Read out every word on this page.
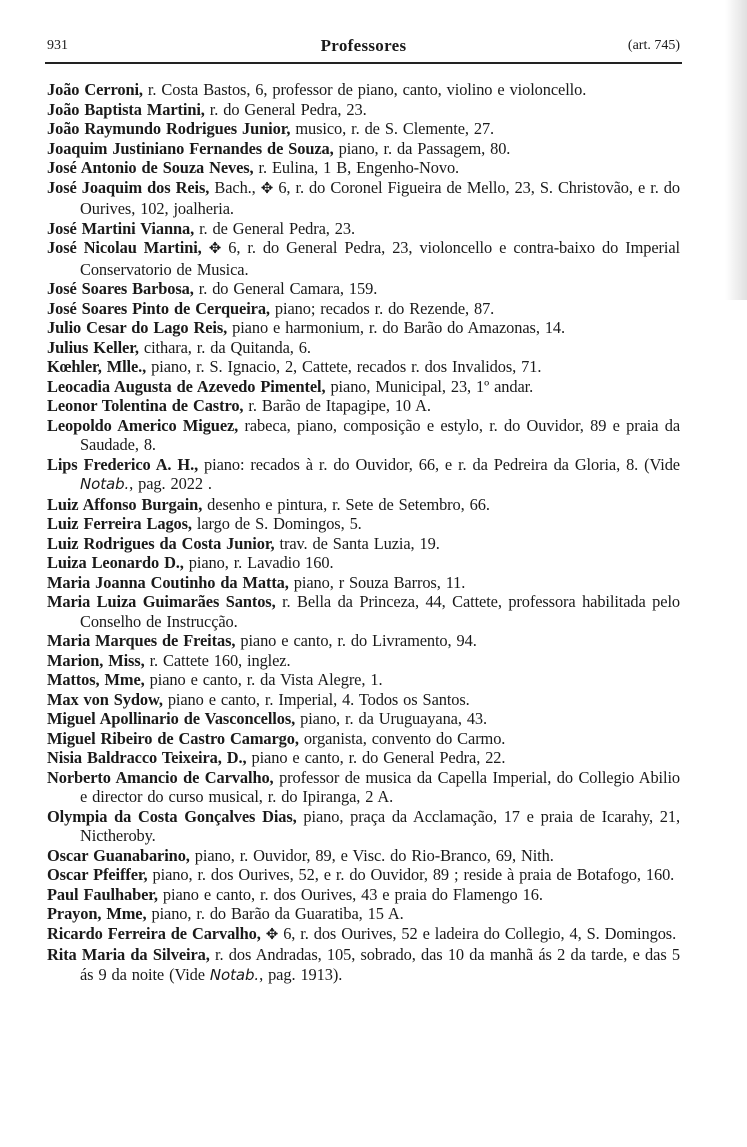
931	Professores	(art. 745)
João Cerroni, r. Costa Bastos, 6, professor de piano, canto, violino e violoncello.
João Baptista Martini, r. do General Pedra, 23.
João Raymundo Rodrigues Junior, musico, r. de S. Clemente, 27.
Joaquim Justiniano Fernandes de Souza, piano, r. da Passagem, 80.
José Antonio de Souza Neves, r. Eulina, 1 B, Engenho-Novo.
José Joaquim dos Reis, Bach., ✥ 6, r. do Coronel Figueira de Mello, 23, S. Christovão, e r. do Ourives, 102, joalheria.
José Martini Vianna, r. de General Pedra, 23.
José Nicolau Martini, ✥ 6, r. do General Pedra, 23, violoncello e contra-baixo do Imperial Conservatorio de Musica.
José Soares Barbosa, r. do General Camara, 159.
José Soares Pinto de Cerqueira, piano; recados r. do Rezende, 87.
Julio Cesar do Lago Reis, piano e harmonium, r. do Barão do Amazonas, 14.
Julius Keller, cithara, r. da Quitanda, 6.
Kœhler, Mlle., piano, r. S. Ignacio, 2, Cattete, recados r. dos Invalidos, 71.
Leocadia Augusta de Azevedo Pimentel, piano, Municipal, 23, 1º andar.
Leonor Tolentina de Castro, r. Barão de Itapagipe, 10 A.
Leopoldo Americo Miguez, rabeca, piano, composição e estylo, r. do Ouvidor, 89 e praia da Saudade, 8.
Lips Frederico A. H., piano: recados à r. do Ouvidor, 66, e r. da Pedreira da Gloria, 8. (Vide Notab., pag. 2022 .
Luiz Affonso Burgain, desenho e pintura, r. Sete de Setembro, 66.
Luiz Ferreira Lagos, largo de S. Domingos, 5.
Luiz Rodrigues da Costa Junior, trav. de Santa Luzia, 19.
Luiza Leonardo D., piano, r. Lavadio 160.
Maria Joanna Coutinho da Matta, piano, r Souza Barros, 11.
Maria Luiza Guimarães Santos, r. Bella da Princeza, 44, Cattete, professora habilitada pelo Conselho de Instrucção.
Maria Marques de Freitas, piano e canto, r. do Livramento, 94.
Marion, Miss, r. Cattete 160, inglez.
Mattos, Mme, piano e canto, r. da Vista Alegre, 1.
Max von Sydow, piano e canto, r. Imperial, 4. Todos os Santos.
Miguel Apollinario de Vasconcellos, piano, r. da Uruguayana, 43.
Miguel Ribeiro de Castro Camargo, organista, convento do Carmo.
Nisia Baldracco Teixeira, D., piano e canto, r. do General Pedra, 22.
Norberto Amancio de Carvalho, professor de musica da Capella Imperial, do Collegio Abilio e director do curso musical, r. do Ipiranga, 2 A.
Olympia da Costa Gonçalves Dias, piano, praça da Acclamação, 17 e praia de Icarahy, 21, Nictheroby.
Oscar Guanabarino, piano, r. Ouvidor, 89, e Visc. do Rio-Branco, 69, Nith.
Oscar Pfeiffer, piano, r. dos Ourives, 52, e r. do Ouvidor, 89 ; reside à praia de Botafogo, 160.
Paul Faulhaber, piano e canto, r. dos Ourives, 43 e praia do Flamengo 16.
Prayon, Mme, piano, r. do Barão da Guaratiba, 15 A.
Ricardo Ferreira de Carvalho, ✥ 6, r. dos Ourives, 52 e ladeira do Collegio, 4, S. Domingos.
Rita Maria da Silveira, r. dos Andradas, 105, sobrado, das 10 da manhã ás 2 da tarde, e das 5 ás 9 da noite (Vide Notab., pag. 1913).
